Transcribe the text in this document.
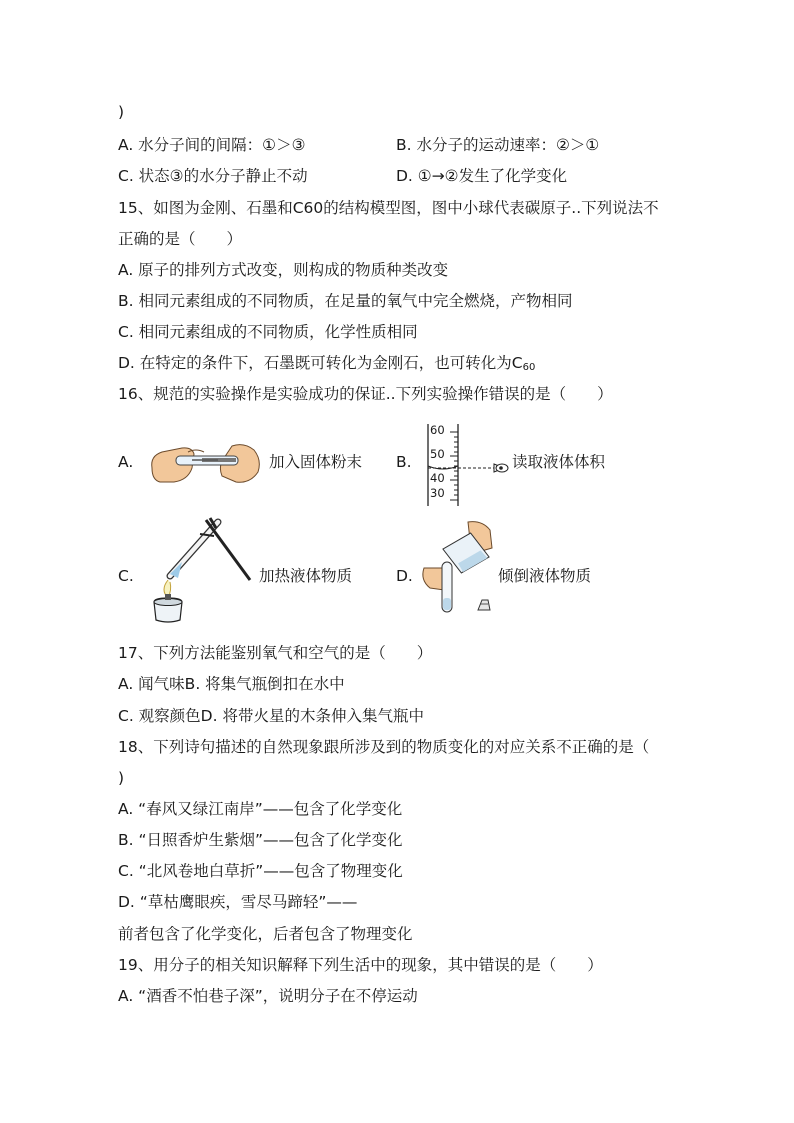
)
A. 水分子间的间隔：①＞③	B. 水分子的运动速率：②＞①
C. 状态③的水分子静止不动	D. ①→②发生了化学变化
15、如图为金刚、石墨和C60的结构模型图，图中小球代表碳原子..下列说法不
正确的是（　　）
A. 原子的排列方式改变，则构成的物质种类改变
B. 相同元素组成的不同物质，在足量的氧气中完全燃烧，产物相同
C. 相同元素组成的不同物质，化学性质相同
D. 在特定的条件下，石墨既可转化为金刚石，也可转化为$C_{60}$
16、规范的实验操作是实验成功的保证..下列实验操作错误的是（　　）
A.	加入固体粉末 B.
60
50
40
30
读取液体体积
C.	加热液体物质	D.	倾倒液体物质
17、下列方法能鉴别氧气和空气的是（　　）
A. 闻气味B. 将集气瓶倒扣在水中
C. 观察颜色D. 将带火星的木条伸入集气瓶中
18、下列诗句描述的自然现象跟所涉及到的物质变化的对应关系不正确的是（
)
A. “春风又绿江南岸”——包含了化学变化
B. “日照香炉生紫烟”——包含了化学变化
C. “北风卷地白草折”——包含了物理变化
D. “草枯鹰眼疾，雪尽马蹄轻”——
前者包含了化学变化，后者包含了物理变化
19、用分子的相关知识解释下列生活中的现象，其中错误的是（　　）
A. “酒香不怕巷子深”，说明分子在不停运动
